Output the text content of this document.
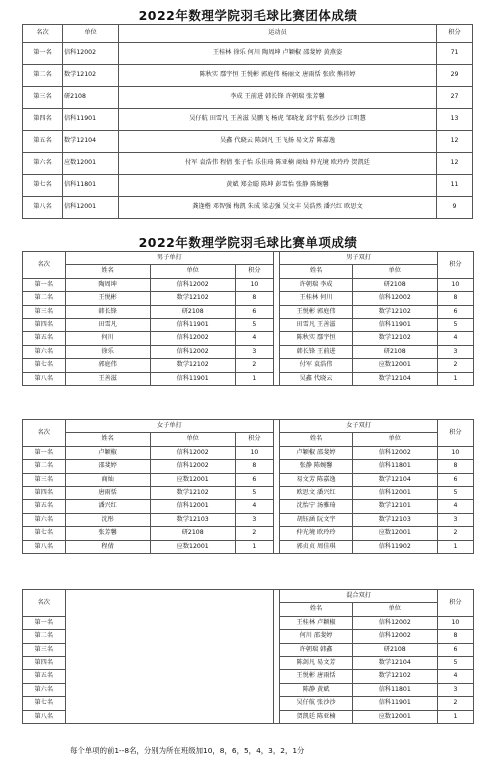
2022年数理学院羽毛球比赛团体成绩
名次	单位	运动员	积分
第一名	信科12002	王桂林 徐乐 何川 陶周坤 卢颖椒 邵斐婷 黄燕姿	71
第二名	数学12102	陈秋实 鄢宇恒 王悦彬 郭庭伟 杨丽文 唐雨恬 张欣 熊祎婷	29
第三名	研2108	李成 王前进 韩长锋 许朝瑞 张芳馨	27
第四名	信科11901	吴仔航 田雪凡 王善滋 吴鹏飞 杨虎 邹晓龙 邱宇航 张沙沙 江明慧	13
第五名	数学12104	吴鑫 代晓云 陈剑凡 王飞扬 易文芳 陈嘉逸	12
第六名	应数12001	付军 袁浩伟 程倩 张子怡 乐佳琦 陈亚楠 商灿 仲光境 欧玲玲 贺凯廷	12
第七名	信科11801	黄斌 郑金聪 陈坤 彭雪怡 张静 陈婉馨	11
第八名	信科12001	龚逢楷 邓智强 梅凯 朱成 梁志强 吴文丰 吴浩然 潘兴红 欧思文	9
2022年数理学院羽毛球比赛单项成绩
名次	男子单打				男子双打		积分
	姓名	单位	积分		姓名	单位	
第一名	陶周坤	信科12002	10		许朝瑞 李成	研2108	10
第二名	王悦彬	数学12102	8		王桂林 何川	信科12002	8
第三名	韩长锋	研2108	6		王悦彬 郭庭伟	数学12102	6
第四名	田雪凡	信科11901	5		田雪凡 王善滋	信科11901	5
第五名	何川	信科12002	4		陈秋实 鄢宇恒	数学12102	4
第六名	徐乐	信科12002	3		韩长锋 王前进	研2108	3
第七名	郭庭伟	数学12102	2		付军 袁浩伟	应数12001	2
第八名	王善滋	信科11901	1		吴鑫 代晓云	数学12104	1
名次	女子单打				女子双打		积分
	姓名	单位	积分		姓名	单位	
第一名	卢颖椒	信科12002	10		卢颖椒 邵斐婷	信科12002	10
第二名	邵斐婷	信科12002	8		张静 陈婉馨	信科11801	8
第三名	商灿	应数12001	6		易文芳 陈嘉逸	数学12104	6
第四名	唐雨恬	数学12102	5		欧思文 潘兴红	信科12001	5
第五名	潘兴红	信科12001	4		沈怡宁 汤雅琦	数学12101	4
第六名	沈彤	数学12103	3		胡钰涵 阮文宇	数学12103	3
第七名	张芳馨	研2108	2		仲光境 欧玲玲	应数12001	2
第八名	程倩	应数12001	1		郭贞贞 周佳琪	信科11902	1
名次			混合双打		积分
			姓名	单位	
第一名			王桂林 卢颖椒	信科12002	10
第二名			何川 邵斐婷	信科12002	8
第三名			许朝瑞 韩鑫	研2108	6
第四名			陈剑凡 易文芳	数学12104	5
第五名			王悦彬 唐雨恬	数学12102	4
第六名			陈静 黄斌	信科11801	3
第七名			吴仔航 张沙沙	信科11901	2
第八名			贺凯廷 陈亚楠	应数12001	1
每个单项的前1--8名，分别为所在班级加10，8，6，5，4，3，2，1分
